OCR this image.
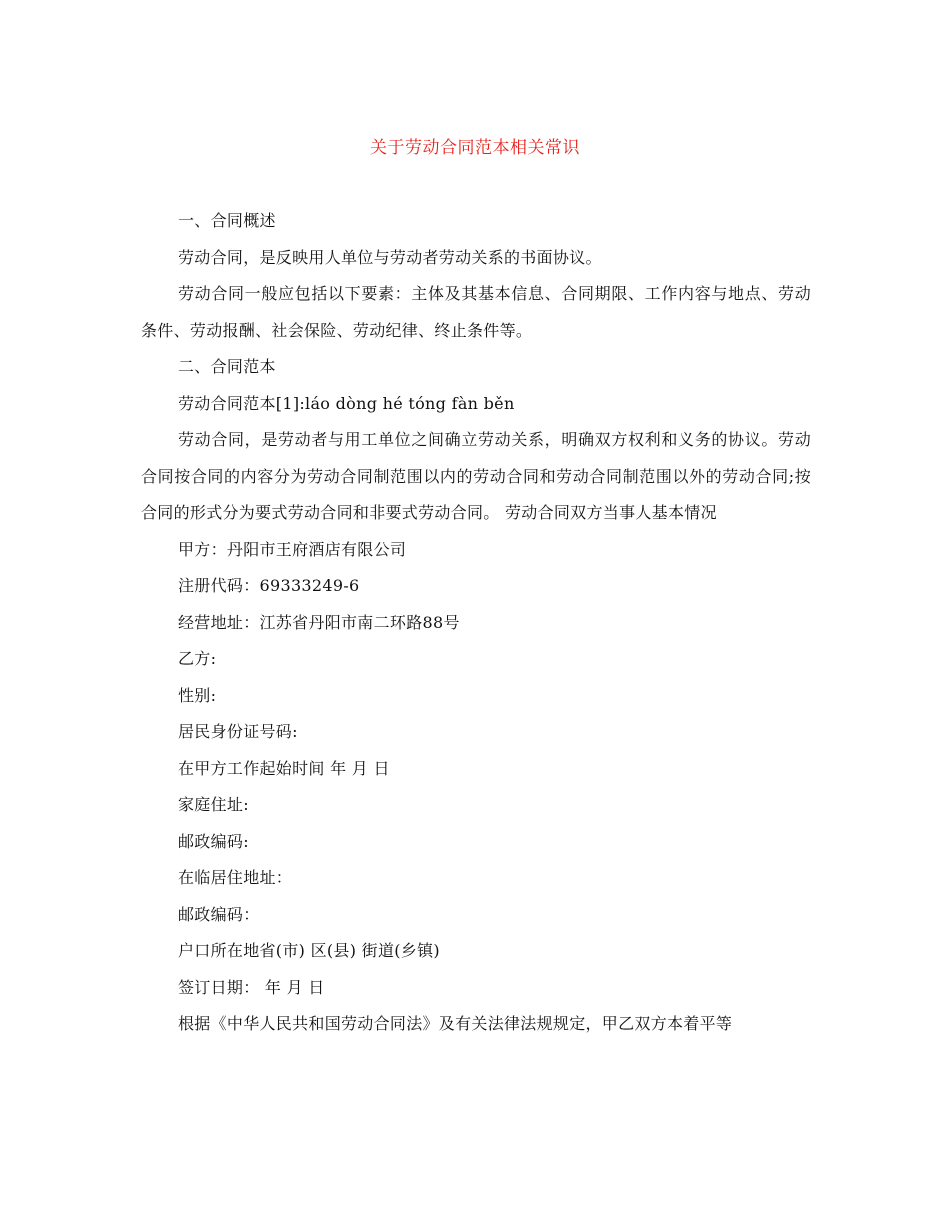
关于劳动合同范本相关常识

一、合同概述

劳动合同，是反映用人单位与劳动者劳动关系的书面协议。

劳动合同一般应包括以下要素：主体及其基本信息、合同期限、工作内容与地点、劳动条件、劳动报酬、社会保险、劳动纪律、终止条件等。

二、合同范本

劳动合同范本[1]:láo dòng hé tóng fàn běn

劳动合同，是劳动者与用工单位之间确立劳动关系，明确双方权利和义务的协议。劳动合同按合同的内容分为劳动合同制范围以内的劳动合同和劳动合同制范围以外的劳动合同;按合同的形式分为要式劳动合同和非要式劳动合同。 劳动合同双方当事人基本情况

甲方：丹阳市王府酒店有限公司

注册代码：69333249-6

经营地址：江苏省丹阳市南二环路88号

乙方:

性别:

居民身份证号码:

在甲方工作起始时间 年 月 日

家庭住址:

邮政编码:

在临居住地址：

邮政编码：

户口所在地省(市) 区(县) 街道(乡镇)

签订日期： 年 月 日

根据《中华人民共和国劳动合同法》及有关法律法规规定，甲乙双方本着平等
